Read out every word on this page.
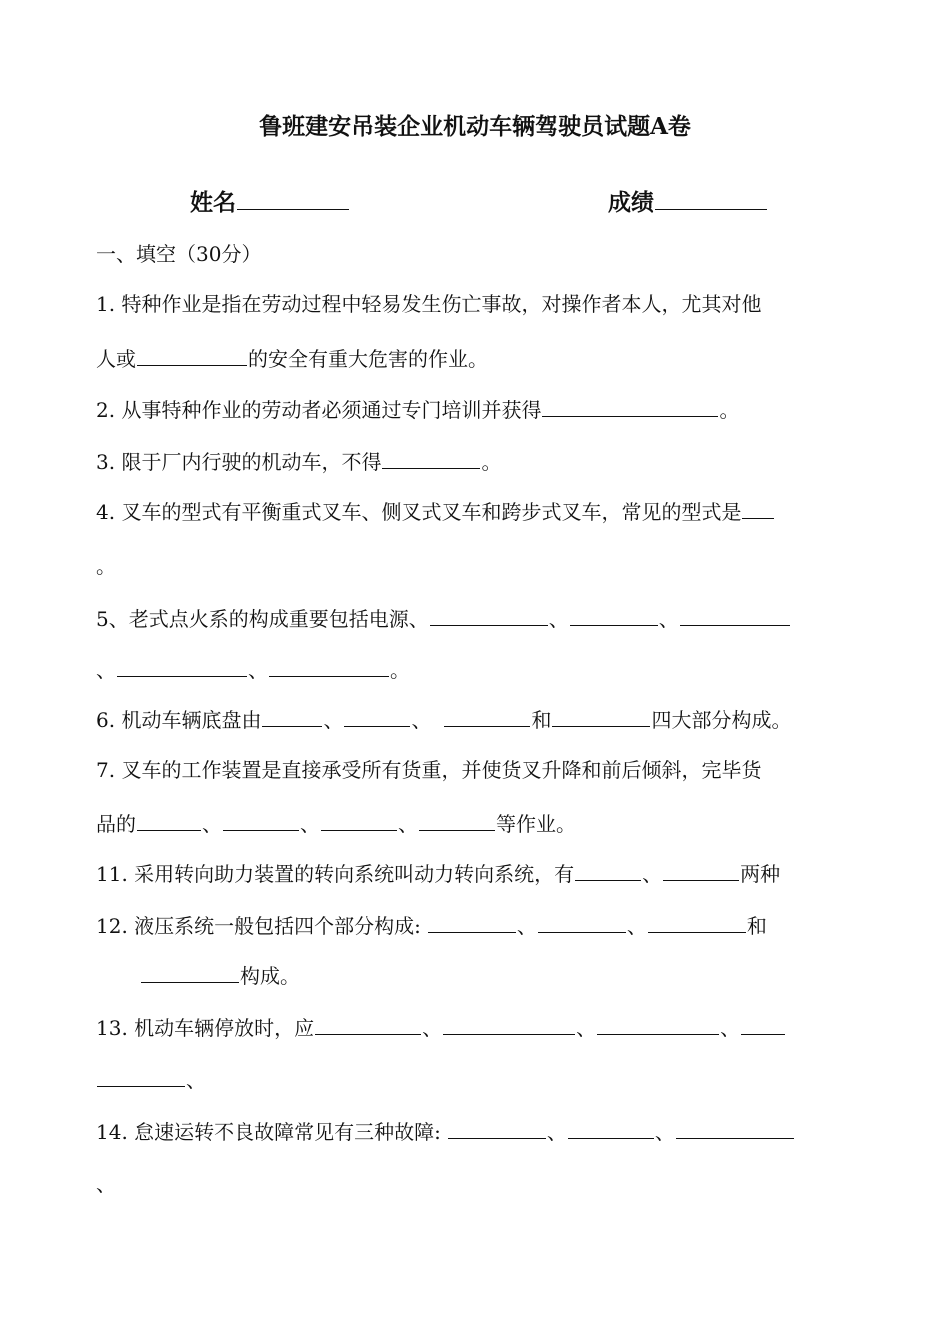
鲁班建安吊装企业机动车辆驾驶员试题A卷
姓名	成绩
一、填空（30分）
1. 特种作业是指在劳动过程中轻易发生伤亡事故，对操作者本人，尤其对他
人或	的安全有重大危害的作业。
2. 从事特种作业的劳动者必须通过专门培训并获得	。
3. 限于厂内行驶的机动车，不得	。
4. 叉车的型式有平衡重式叉车、侧叉式叉车和跨步式叉车，常见的型式是
。
5、老式点火系的构成重要包括电源、	、	、
、	、	。
6. 机动车辆底盘由	、	、	和	四大部分构成。
7. 叉车的工作装置是直接承受所有货重，并使货叉升降和前后倾斜，完毕货
品的	、	、	、	等作业。
11. 采用转向助力装置的转向系统叫动力转向系统，有	、	两种
12. 液压系统一般包括四个部分构成:	、	、	和
构成。
13. 机动车辆停放时，应	、	、	、
、
14. 怠速运转不良故障常见有三种故障:	、	、
、
